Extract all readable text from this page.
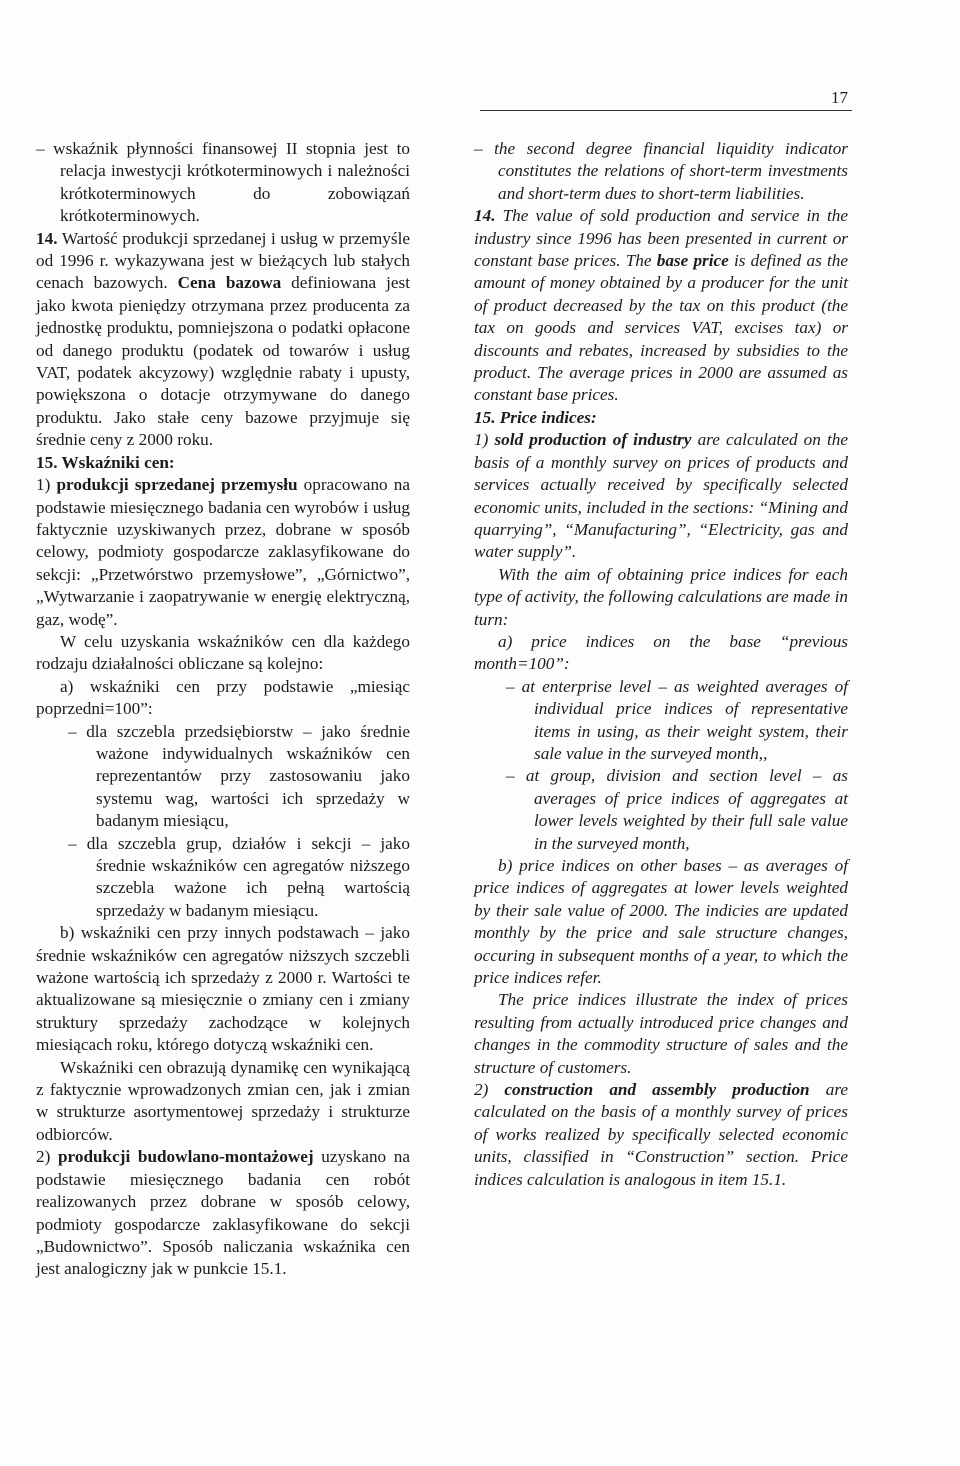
17

– wskaźnik płynności finansowej II stopnia jest to relacja inwestycji krótkoterminowych i należności krótkoterminowych do zobowiązań krótkoterminowych.

14. Wartość produkcji sprzedanej i usług w przemyśle od 1996 r. wykazywana jest w bieżących lub stałych cenach bazowych. Cena bazowa definiowana jest jako kwota pieniędzy otrzymana przez producenta za jednostkę produktu, pomniejszona o podatki opłacone od danego produktu (podatek od towarów i usług VAT, podatek akcyzowy) względnie rabaty i upusty, powiększona o dotacje otrzymywane do danego produktu. Jako stałe ceny bazowe przyjmuje się średnie ceny z 2000 roku.

15. Wskaźniki cen:

1) produkcji sprzedanej przemysłu opracowano na podstawie miesięcznego badania cen wyrobów i usług faktycznie uzyskiwanych przez, dobrane w sposób celowy, podmioty gospodarcze zaklasyfikowane do sekcji: „Przetwórstwo przemysłowe”, „Górnictwo”, „Wytwarzanie i zaopatrywanie w energię elektryczną, gaz, wodę”.

W celu uzyskania wskaźników cen dla każdego rodzaju działalności obliczane są kolejno:

a) wskaźniki cen przy podstawie „miesiąc poprzedni=100”:

– dla szczebla przedsiębiorstw – jako średnie ważone indywidualnych wskaźników cen reprezentantów przy zastosowaniu jako systemu wag, wartości ich sprzedaży w badanym miesiącu,

– dla szczebla grup, działów i sekcji – jako średnie wskaźników cen agregatów niższego szczebla ważone ich pełną wartością sprzedaży w badanym miesiącu.

b) wskaźniki cen przy innych podstawach – jako średnie wskaźników cen agregatów niższych szczebli ważone wartością ich sprzedaży z 2000 r. Wartości te aktualizowane są miesięcznie o zmiany cen i zmiany struktury sprzedaży zachodzące w kolejnych miesiącach roku, którego dotyczą wskaźniki cen.

Wskaźniki cen obrazują dynamikę cen wynikającą z faktycznie wprowadzonych zmian cen, jak i zmian w strukturze asortymentowej sprzedaży i strukturze odbiorców.

2) produkcji budowlano-montażowej uzyskano na podstawie miesięcznego badania cen robót realizowanych przez dobrane w sposób celowy, podmioty gospodarcze zaklasyfikowane do sekcji „Budownictwo”. Sposób naliczania wskaźnika cen jest analogiczny jak w punkcie 15.1.

– the second degree financial liquidity indicator constitutes the relations of short-term investments and short-term dues to short-term liabilities.

14. The value of sold production and service in the industry since 1996 has been presented in current or constant base prices. The base price is defined as the amount of money obtained by a producer for the unit of product decreased by the tax on this product (the tax on goods and services VAT, excises tax) or discounts and rebates, increased by subsidies to the product. The average prices in 2000 are assumed as constant base prices.

15. Price indices:

1) sold production of industry are calculated on the basis of a monthly survey on prices of products and services actually received by specifically selected economic units, included in the sections: “Mining and quarrying”, “Manufacturing”, “Electricity, gas and water supply”.

With the aim of obtaining price indices for each type of activity, the following calculations are made in turn:

a) price indices on the base “previous month=100”:

– at enterprise level – as weighted averages of individual price indices of representative items in using, as their weight system, their sale value in the surveyed month,,

– at group, division and section level – as averages of price indices of aggregates at lower levels weighted by their full sale value in the surveyed month,

b) price indices on other bases – as averages of price indices of aggregates at lower levels weighted by their sale value of 2000. The indicies are updated monthly by the price and sale structure changes, occuring in subsequent months of a year, to which the price indices refer.

The price indices illustrate the index of prices resulting from actually introduced price changes and changes in the commodity structure of sales and the structure of customers.

2) construction and assembly production are calculated on the basis of a monthly survey of prices of works realized by specifically selected economic units, classified in “Construction” section. Price indices calculation is analogous in item 15.1.
